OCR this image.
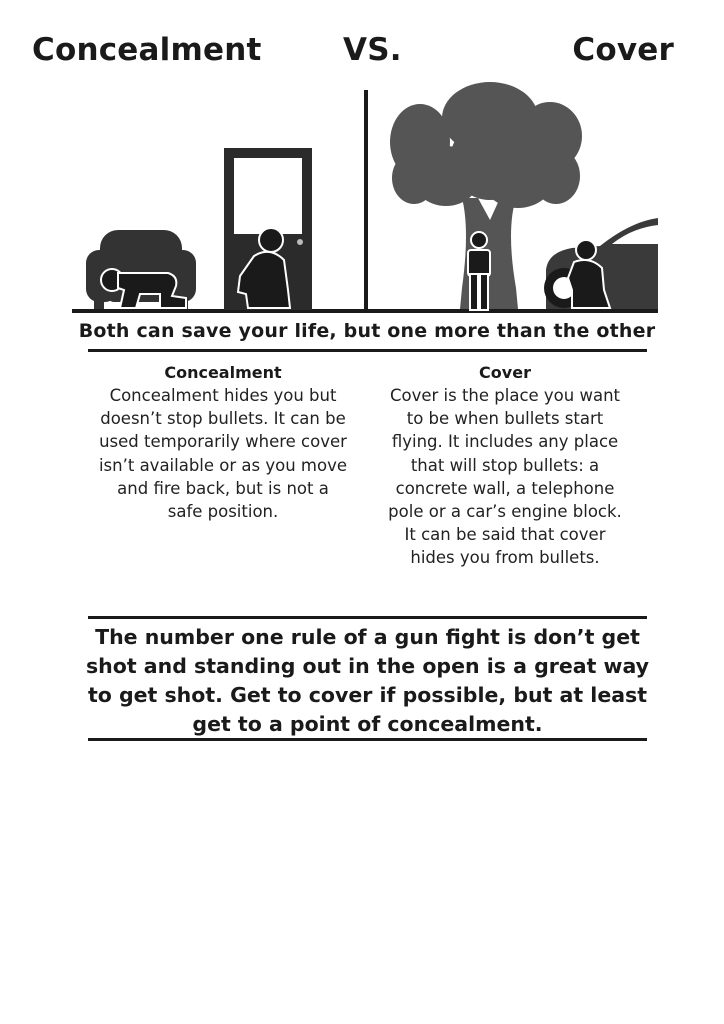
Concealment	VS.	Cover
Both can save your life, but one more than the other
Concealment

Concealment hides you but doesn’t stop bullets. It can be used temporarily where cover isn’t available or as you move and fire back, but is not a safe position.

Cover

Cover is the place you want to be when bullets start flying. It includes any place that will stop bullets: a concrete wall, a telephone pole or a car’s engine block. It can be said that cover hides you from bullets.

The number one rule of a gun fight is don’t get shot and standing out in the open is a great way to get shot. Get to cover if possible, but at least get to a point of concealment.
